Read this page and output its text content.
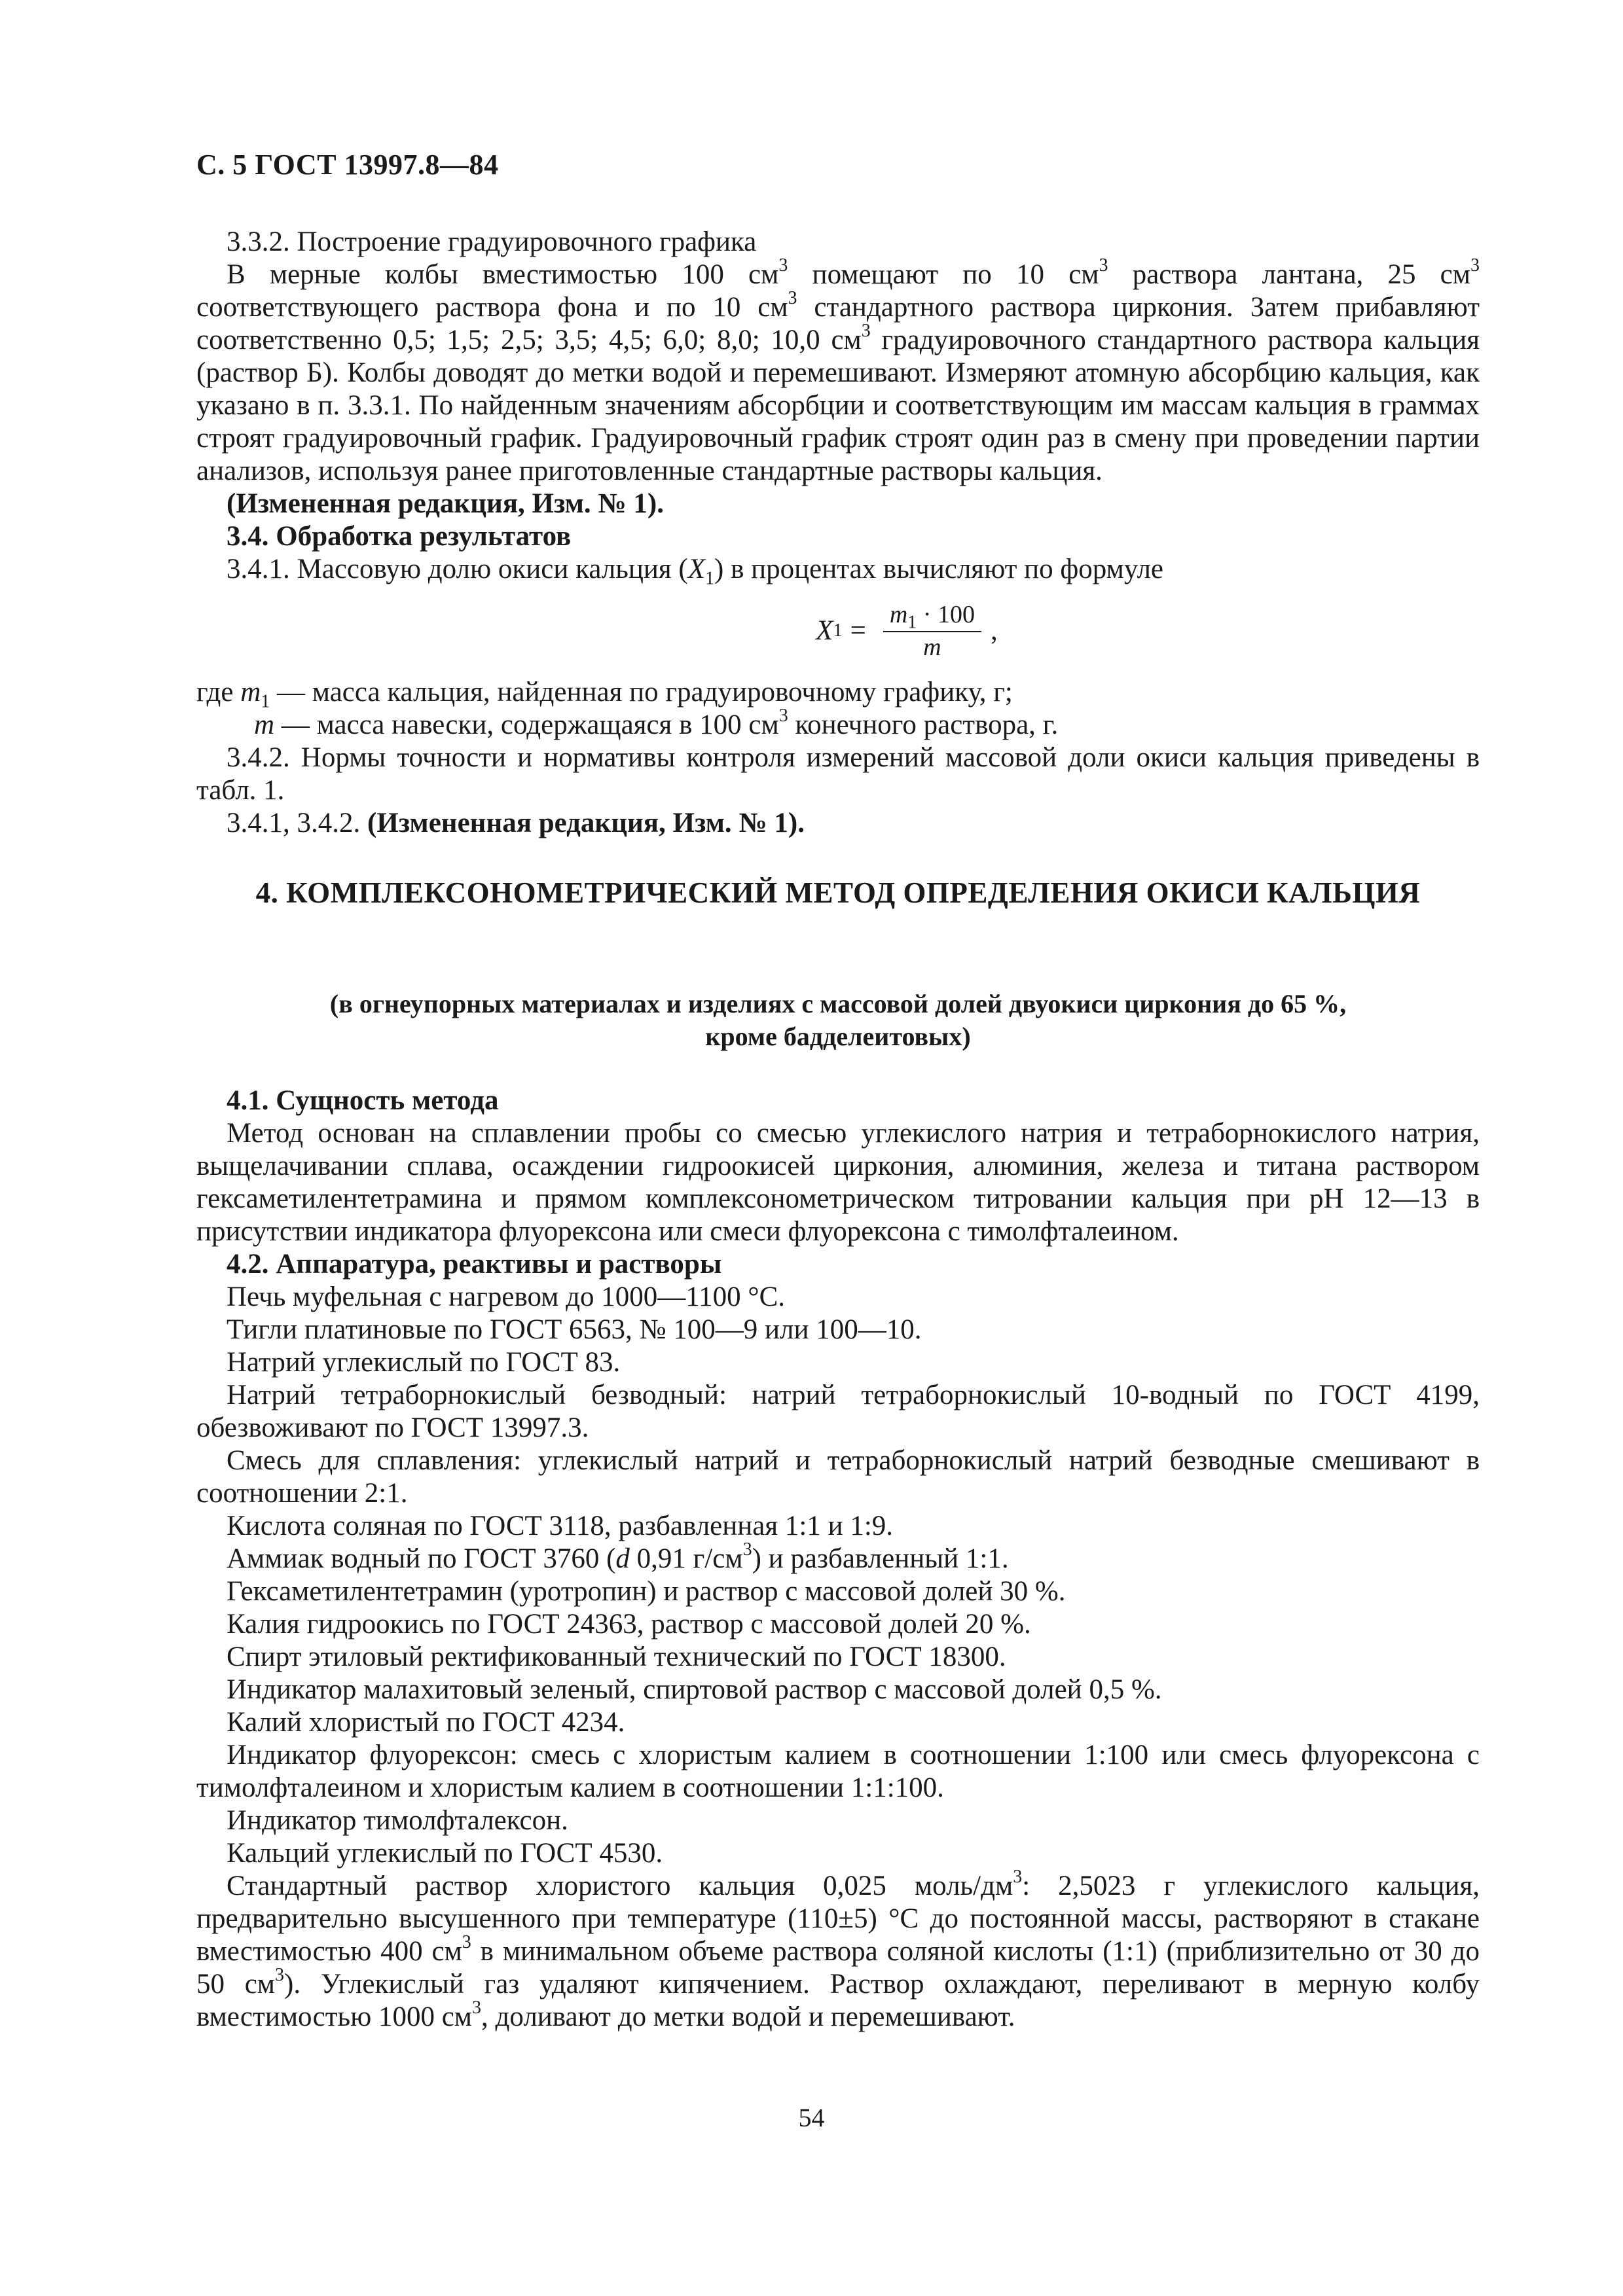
С. 5 ГОСТ 13997.8—84

3.3.2. Построение градуировочного графика

В мерные колбы вместимостью 100 $см^3$ помещают по 10 $см^3$ раствора лантана, 25 $см^3$ соответствующего раствора фона и по 10 $см^3$ стандартного раствора циркония. Затем прибавляют соответственно 0,5; 1,5; 2,5; 3,5; 4,5; 6,0; 8,0; 10,0 $см^3$ градуировочного стандартного раствора кальция (раствор Б). Колбы доводят до метки водой и перемешивают. Измеряют атомную абсорбцию кальция, как указано в п. 3.3.1. По найденным значениям абсорбции и соответствующим им массам кальция в граммах строят градуировочный график. Градуировочный график строят один раз в смену при проведении партии анализов, используя ранее приготовленные стандартные растворы кальция.

(Измененная редакция, Изм. № 1).

3.4. Обработка результатов

3.4.1. Массовую долю окиси кальция $(X_1)$ в процентах вычисляют по формуле

X $1 = \frac{m_1 \cdot 100}{m}$ ,

где $m_1$ — масса кальция, найденная по градуировочному графику, г;

m — масса навески, содержащаяся в 100 $см^3$ конечного раствора, г.

3.4.2. Нормы точности и нормативы контроля измерений массовой доли окиси кальция приведены в табл. 1.

3.4.1, 3.4.2. (Измененная редакция, Изм. № 1).

4. КОМПЛЕКСОНОМЕТРИЧЕСКИЙ МЕТОД ОПРЕДЕЛЕНИЯ ОКИСИ КАЛЬЦИЯ
(в огнеупорных материалах и изделиях с массовой долей двуокиси циркония до 65 %,
кроме бадделеитовых)

4.1. Сущность метода

Метод основан на сплавлении пробы со смесью углекислого натрия и тетраборнокислого натрия, выщелачивании сплава, осаждении гидроокисей циркония, алюминия, железа и титана раствором гексаметилентетрамина и прямом комплексонометрическом титровании кальция при рН 12—13 в присутствии индикатора флуорексона или смеси флуорексона с тимолфталеином.

4.2. Аппаратура, реактивы и растворы

Печь муфельная с нагревом до 1000—1100 °С.

Тигли платиновые по ГОСТ 6563, № 100—9 или 100—10.

Натрий углекислый по ГОСТ 83.

Натрий тетраборнокислый безводный: натрий тетраборнокислый 10-водный по ГОСТ 4199, обезвоживают по ГОСТ 13997.3.

Смесь для сплавления: углекислый натрий и тетраборнокислый натрий безводные смешивают в соотношении 2:1.

Кислота соляная по ГОСТ 3118, разбавленная 1:1 и 1:9.

Аммиак водный по ГОСТ 3760 (d 0,91 $г/см^3$) и разбавленный 1:1.

Гексаметилентетрамин (уротропин) и раствор с массовой долей 30 %.

Калия гидроокись по ГОСТ 24363, раствор с массовой долей 20 %.

Спирт этиловый ректификованный технический по ГОСТ 18300.

Индикатор малахитовый зеленый, спиртовой раствор с массовой долей 0,5 %.

Калий хлористый по ГОСТ 4234.

Индикатор флуорексон: смесь с хлористым калием в соотношении 1:100 или смесь флуорексона с тимолфталеином и хлористым калием в соотношении 1:1:100.

Индикатор тимолфталексон.

Кальций углекислый по ГОСТ 4530.

Стандартный раствор хлористого кальция 0,025 моль/$дм^3$: 2,5023 г углекислого кальция, предварительно высушенного при температуре (110±5) °С до постоянной массы, растворяют в стакане вместимостью 400 $см^3$ в минимальном объеме раствора соляной кислоты (1:1) (приблизительно от 30 до 50 $см^3$). Углекислый газ удаляют кипячением. Раствор охлаждают, переливают в мерную колбу вместимостью 1000 $см^3$, доливают до метки водой и перемешивают.

54
